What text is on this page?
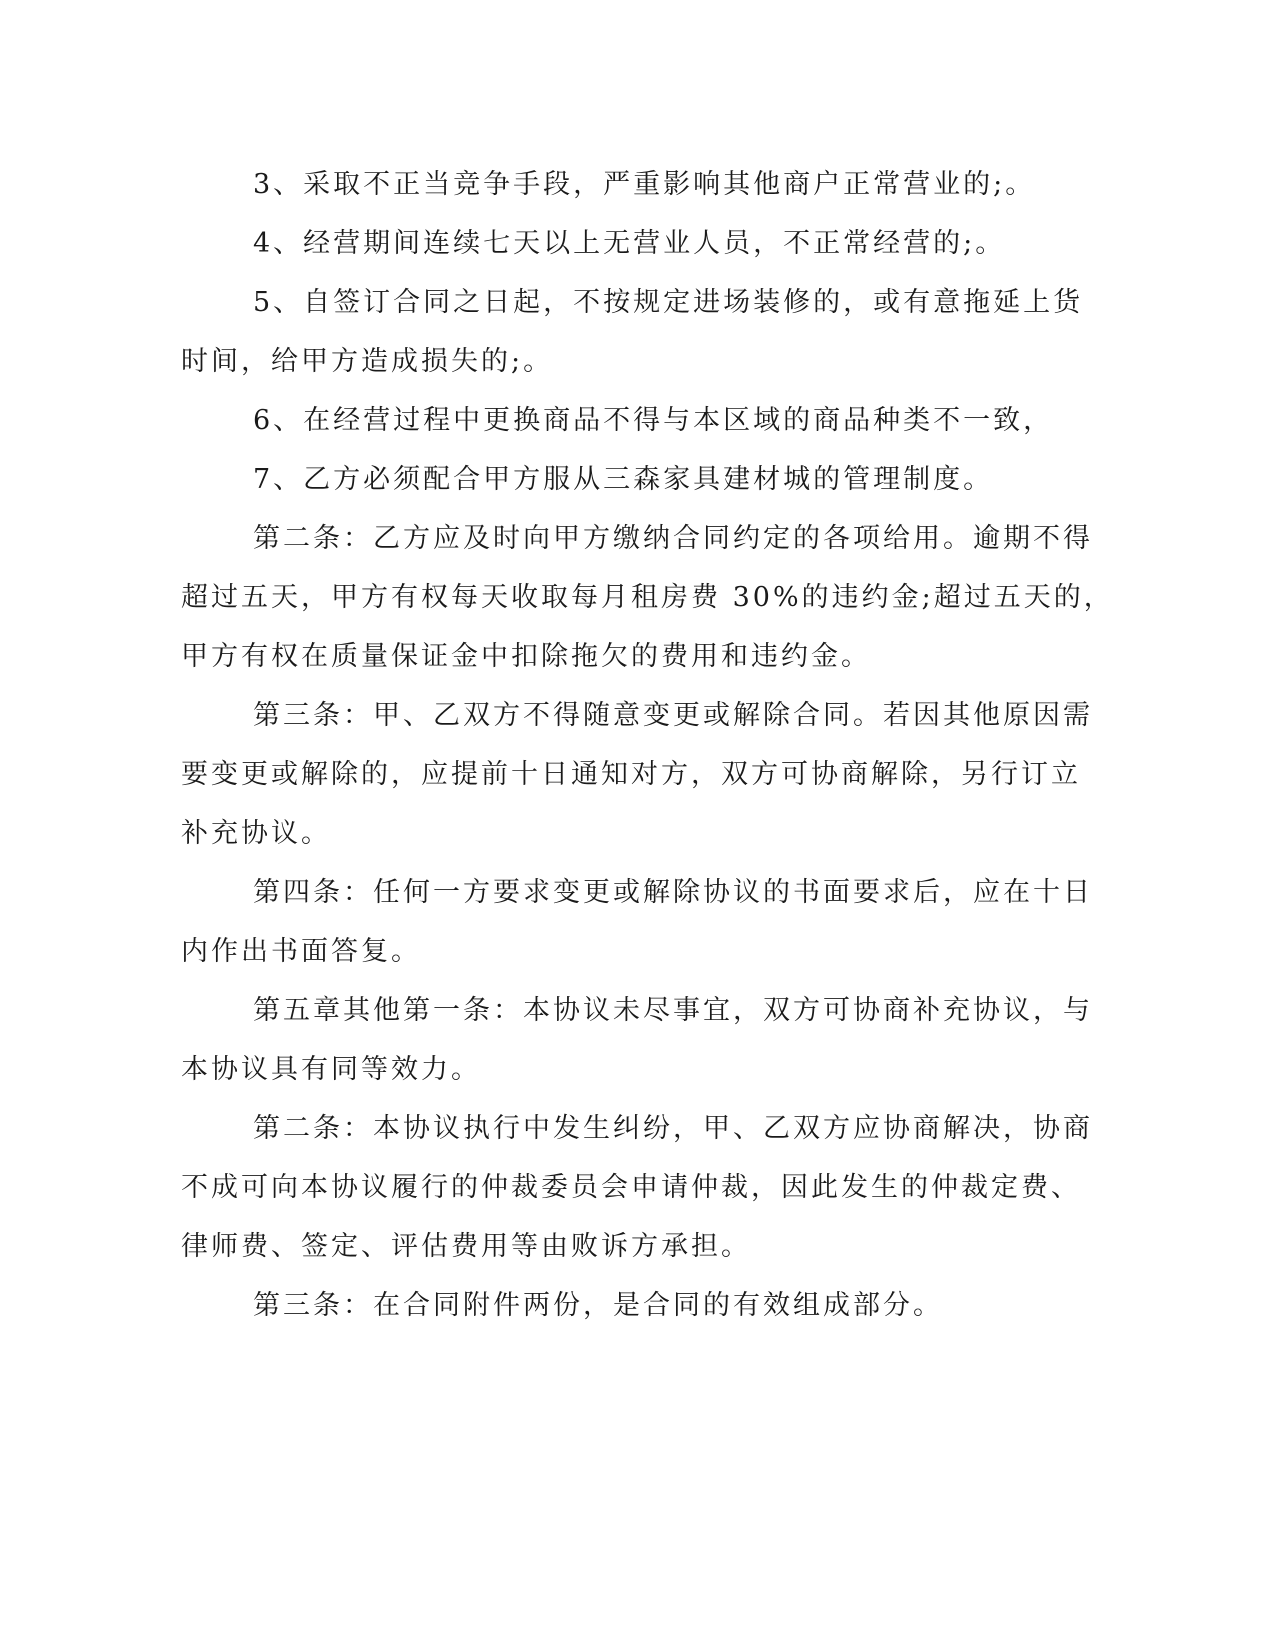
3、采取不正当竞争手段，严重影响其他商户正常营业的;。
4、经营期间连续七天以上无营业人员，不正常经营的;。
5、自签订合同之日起，不按规定进场装修的，或有意拖延上货
时间，给甲方造成损失的;。
6、在经营过程中更换商品不得与本区域的商品种类不一致，
7、乙方必须配合甲方服从三森家具建材城的管理制度。
第二条：乙方应及时向甲方缴纳合同约定的各项给用。逾期不得
超过五天，甲方有权每天收取每月租房费 30%的违约金;超过五天的，
甲方有权在质量保证金中扣除拖欠的费用和违约金。
第三条：甲、乙双方不得随意变更或解除合同。若因其他原因需
要变更或解除的，应提前十日通知对方，双方可协商解除，另行订立
补充协议。
第四条：任何一方要求变更或解除协议的书面要求后，应在十日
内作出书面答复。
第五章其他第一条：本协议未尽事宜，双方可协商补充协议，与
本协议具有同等效力。
第二条：本协议执行中发生纠纷，甲、乙双方应协商解决，协商
不成可向本协议履行的仲裁委员会申请仲裁，因此发生的仲裁定费、
律师费、签定、评估费用等由败诉方承担。
第三条：在合同附件两份，是合同的有效组成部分。
